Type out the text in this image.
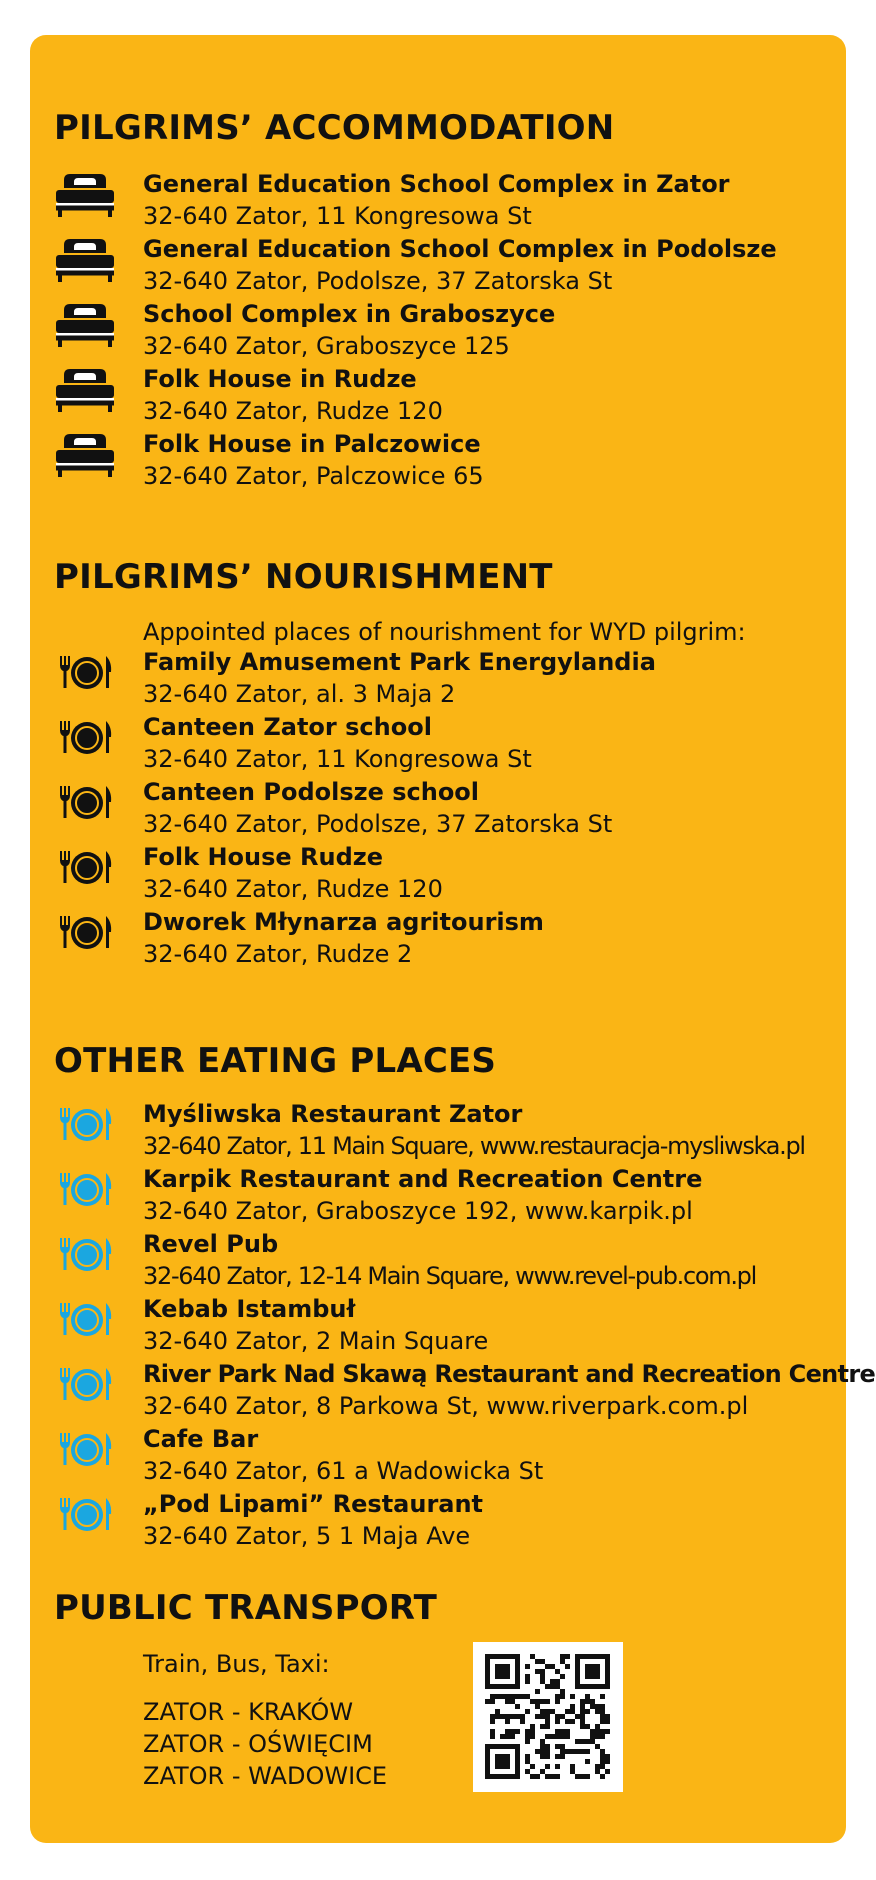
PILGRIMS’ ACCOMMODATION
General Education School Complex in Zator
32-640 Zator, 11 Kongresowa St
General Education School Complex in Podolsze
32-640 Zator, Podolsze, 37 Zatorska St
School Complex in Graboszyce
32-640 Zator, Graboszyce 125
Folk House in Rudze
32-640 Zator, Rudze 120
Folk House in Palczowice
32-640 Zator, Palczowice 65
PILGRIMS’ NOURISHMENT
Appointed places of nourishment for WYD pilgrim:
Family Amusement Park Energylandia
32-640 Zator, al. 3 Maja 2
Canteen Zator school
32-640 Zator, 11 Kongresowa St
Canteen Podolsze school
32-640 Zator, Podolsze, 37 Zatorska St
Folk House Rudze
32-640 Zator, Rudze 120
Dworek Młynarza agritourism
32-640 Zator, Rudze 2
OTHER EATING PLACES
Myśliwska Restaurant Zator
32-640 Zator, 11 Main Square, www.restauracja-mysliwska.pl
Karpik Restaurant and Recreation Centre
32-640 Zator, Graboszyce 192, www.karpik.pl
Revel Pub
32-640 Zator, 12-14 Main Square, www.revel-pub.com.pl
Kebab Istambuł
32-640 Zator, 2 Main Square
River Park Nad Skawą Restaurant and Recreation Centre
32-640 Zator, 8 Parkowa St, www.riverpark.com.pl
Cafe Bar
32-640 Zator, 61 a Wadowicka St
„Pod Lipami” Restaurant
32-640 Zator, 5 1 Maja Ave
PUBLIC TRANSPORT
Train, Bus, Taxi:
ZATOR - KRAKÓW
ZATOR - OŚWIĘCIM
ZATOR - WADOWICE
